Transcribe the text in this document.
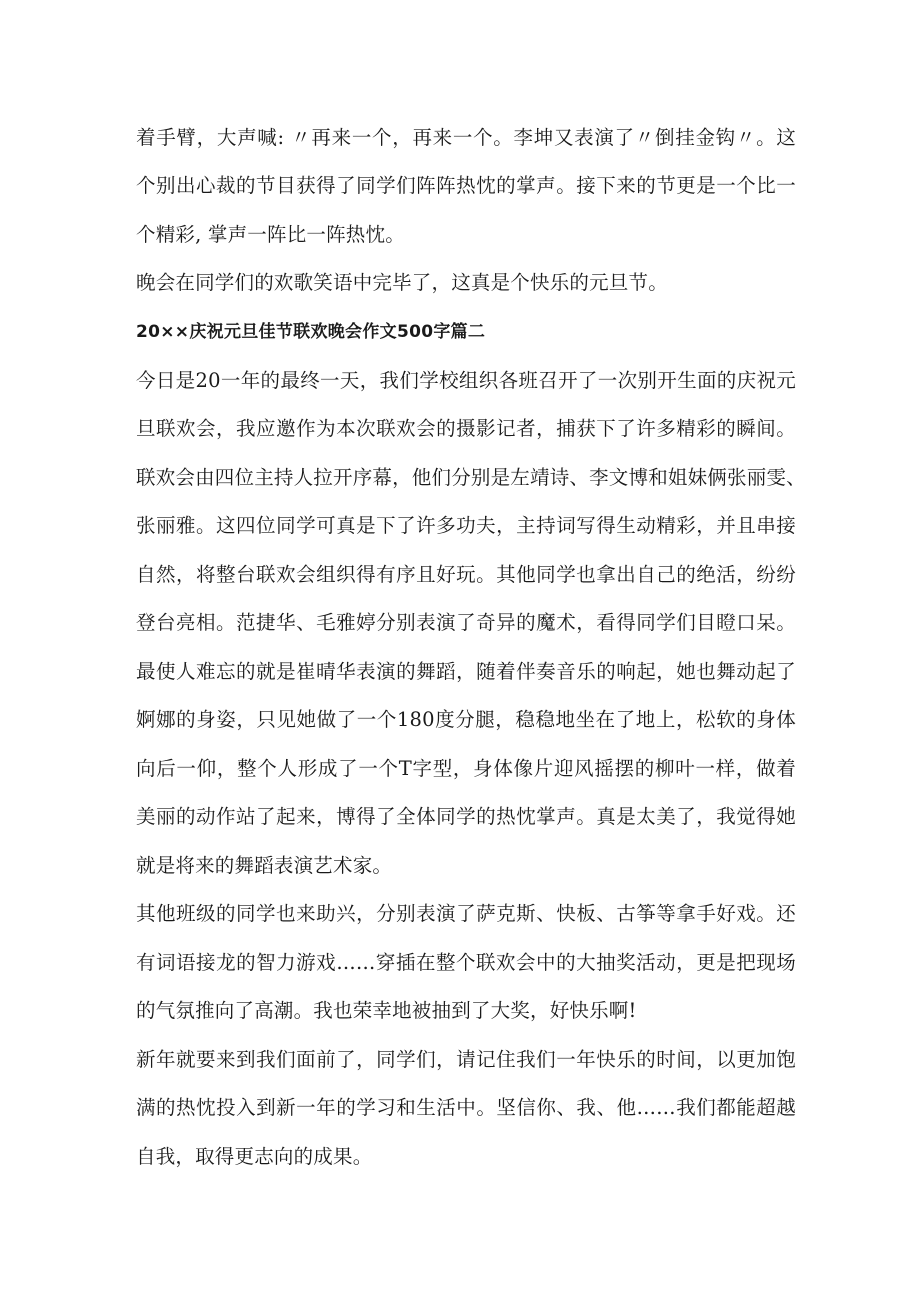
着手臂，大声喊: 〃再来一个，再来一个。李坤又表演了〃倒挂金钩〃。这
个别出心裁的节目获得了同学们阵阵热忱的掌声。接下来的节更是一个比一
个精彩, 掌声一阵比一阵热忱。
晚会在同学们的欢歌笑语中完毕了，这真是个快乐的元旦节。
20××庆祝元旦佳节联欢晚会作文500字篇二
今日是20一年的最终一天，我们学校组织各班召开了一次别开生面的庆祝元
旦联欢会，我应邀作为本次联欢会的摄影记者，捕获下了许多精彩的瞬间。
联欢会由四位主持人拉开序幕，他们分别是左靖诗、李文博和姐妹俩张丽雯、
张丽雅。这四位同学可真是下了许多功夫，主持词写得生动精彩，并且串接
自然，将整台联欢会组织得有序且好玩。其他同学也拿出自己的绝活，纷纷
登台亮相。范捷华、毛雅婷分别表演了奇异的魔术，看得同学们目瞪口呆。
最使人难忘的就是崔晴华表演的舞蹈，随着伴奏音乐的响起，她也舞动起了
婀娜的身姿，只见她做了一个180度分腿，稳稳地坐在了地上，松软的身体
向后一仰，整个人形成了一个T字型，身体像片迎风摇摆的柳叶一样，做着
美丽的动作站了起来，博得了全体同学的热忱掌声。真是太美了，我觉得她
就是将来的舞蹈表演艺术家。
其他班级的同学也来助兴，分别表演了萨克斯、快板、古筝等拿手好戏。还
有词语接龙的智力游戏……穿插在整个联欢会中的大抽奖活动，更是把现场
的气氛推向了高潮。我也荣幸地被抽到了大奖，好快乐啊!
新年就要来到我们面前了，同学们，请记住我们一年快乐的时间，以更加饱
满的热忱投入到新一年的学习和生活中。坚信你、我、他……我们都能超越
自我，取得更志向的成果。
